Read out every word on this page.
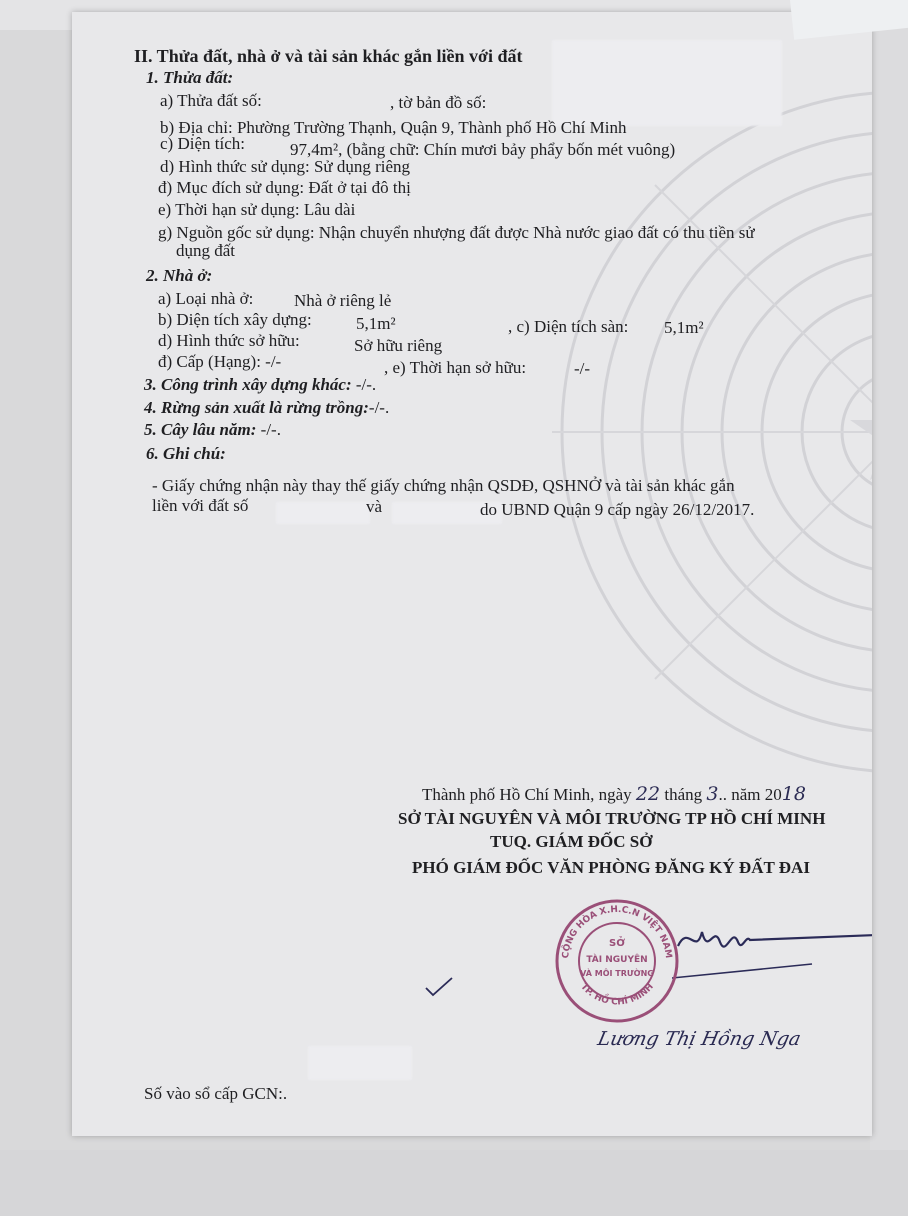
II. Thửa đất, nhà ở và tài sản khác gắn liền với đất
1. Thửa đất:
a) Thửa đất số:	, tờ bản đồ số:
b) Địa chỉ: Phường Trường Thạnh, Quận 9, Thành phố Hồ Chí Minh
c) Diện tích:	97,4m², (bằng chữ: Chín mươi bảy phẩy bốn mét vuông)
d) Hình thức sử dụng: Sử dụng riêng
đ) Mục đích sử dụng: Đất ở tại đô thị
e) Thời hạn sử dụng: Lâu dài
g) Nguồn gốc sử dụng: Nhận chuyển nhượng đất được Nhà nước giao đất có thu tiền sử
dụng đất
2. Nhà ở:
a) Loại nhà ở: Nhà ở riêng lẻ
b) Diện tích xây dựng:	5,1m²	, c) Diện tích sàn: 5,1m²
d) Hình thức sở hữu:	Sở hữu riêng
đ) Cấp (Hạng): -/-	, e) Thời hạn sở hữu:	-/-
3. Công trình xây dựng khác: -/-.
4. Rừng sản xuất là rừng trồng:-/-.
5. Cây lâu năm: -/-.
6. Ghi chú:
- Giấy chứng nhận này thay thế giấy chứng nhận QSDĐ, QSHNỞ và tài sản khác gắn
liền với đất số	và	do UBND Quận 9 cấp ngày 26/12/2017.
Thành phố Hồ Chí Minh, ngày 22 tháng 3.. năm 2018
SỞ TÀI NGUYÊN VÀ MÔI TRƯỜNG TP HỒ CHÍ MINH
TUQ. GIÁM ĐỐC SỞ
PHÓ GIÁM ĐỐC VĂN PHÒNG ĐĂNG KÝ ĐẤT ĐAI
CỘNG HÒA X.H.C.N VIỆT NAM
TP. HỒ CHÍ MINH
SỞ
TÀI NGUYÊN
VÀ MÔI TRƯỜNG
Lương Thị Hồng Nga
Số vào sổ cấp GCN:.
